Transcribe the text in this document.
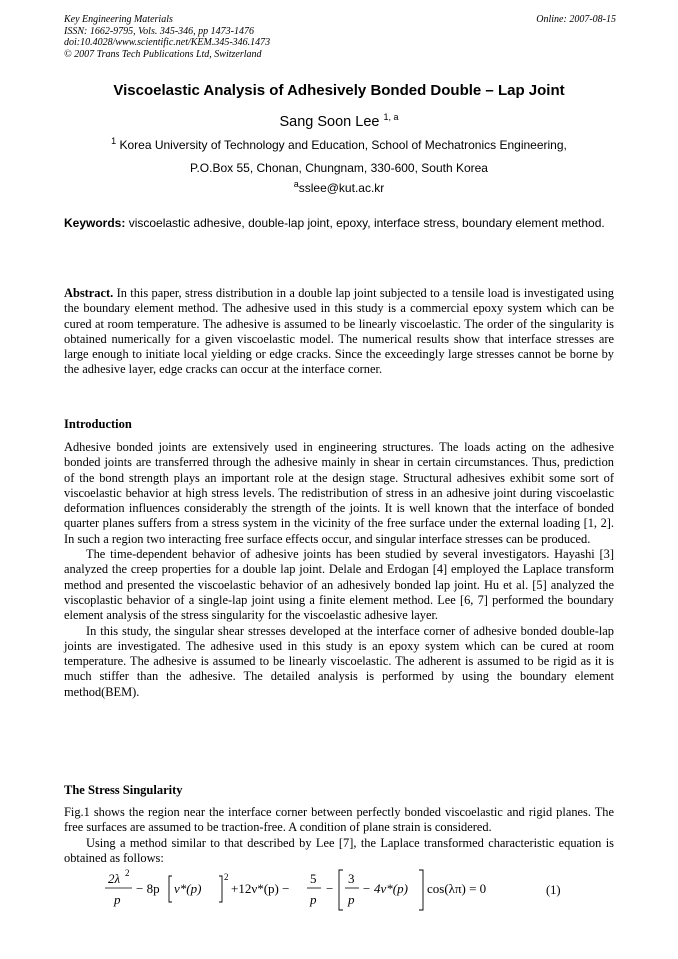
Key Engineering Materials
ISSN: 1662-9795, Vols. 345-346, pp 1473-1476
doi:10.4028/www.scientific.net/KEM.345-346.1473
© 2007 Trans Tech Publications Ltd, Switzerland
Online: 2007-08-15
Viscoelastic Analysis of Adhesively Bonded Double – Lap Joint
Sang Soon Lee $^{1, a}$
$^1$ Korea University of Technology and Education, School of Mechatronics Engineering,
P.O.Box 55, Chonan, Chungnam, 330-600, South Korea
$^a$sslee@kut.ac.kr
Keywords: viscoelastic adhesive, double-lap joint, epoxy, interface stress, boundary element method.
Abstract. In this paper, stress distribution in a double lap joint subjected to a tensile load is investigated using the boundary element method. The adhesive used in this study is a commercial epoxy system which can be cured at room temperature. The adhesive is assumed to be linearly viscoelastic. The order of the singularity is obtained numerically for a given viscoelastic model. The numerical results show that interface stresses are large enough to initiate local yielding or edge cracks. Since the exceedingly large stresses cannot be borne by the adhesive layer, edge cracks can occur at the interface corner.
Introduction

Adhesive bonded joints are extensively used in engineering structures. The loads acting on the adhesive bonded joints are transferred through the adhesive mainly in shear in certain circumstances. Thus, prediction of the bond strength plays an important role at the design stage. Structural adhesives exhibit some sort of viscoelastic behavior at high stress levels. The redistribution of stress in an adhesive joint during viscoelastic deformation influences considerably the strength of the joints. It is well known that the interface of bonded quarter planes suffers from a stress system in the vicinity of the free surface under the external loading [1, 2]. In such a region two interacting free surface effects occur, and singular interface stresses can be produced.

The time-dependent behavior of adhesive joints has been studied by several investigators. Hayashi [3] analyzed the creep properties for a double lap joint. Delale and Erdogan [4] employed the Laplace transform method and presented the viscoelastic behavior of an adhesively bonded lap joint. Hu et al. [5] analyzed the viscoplastic behavior of a single-lap joint using a finite element method. Lee [6, 7] performed the boundary element analysis of the stress singularity for the viscoelastic adhesive layer.

In this study, the singular shear stresses developed at the interface corner of adhesive bonded double-lap joints are investigated. The adhesive used in this study is an epoxy system which can be cured at room temperature. The adhesive is assumed to be linearly viscoelastic. The adherent is assumed to be rigid as it is much stiffer than the adhesive. The detailed analysis is performed by using the boundary element method(BEM).

The Stress Singularity

Fig.1 shows the region near the interface corner between perfectly bonded viscoelastic and rigid planes. The free surfaces are assumed to be traction-free. A condition of plane strain is considered.

Using a method similar to that described by Lee [7], the Laplace transformed characteristic equation is obtained as follows:

2λ 2
p
− 8p ν*(p)
2
+12ν*(p) −
5
p
−
3
p
− 4ν*(p) cos(λπ) = 0	(1)
